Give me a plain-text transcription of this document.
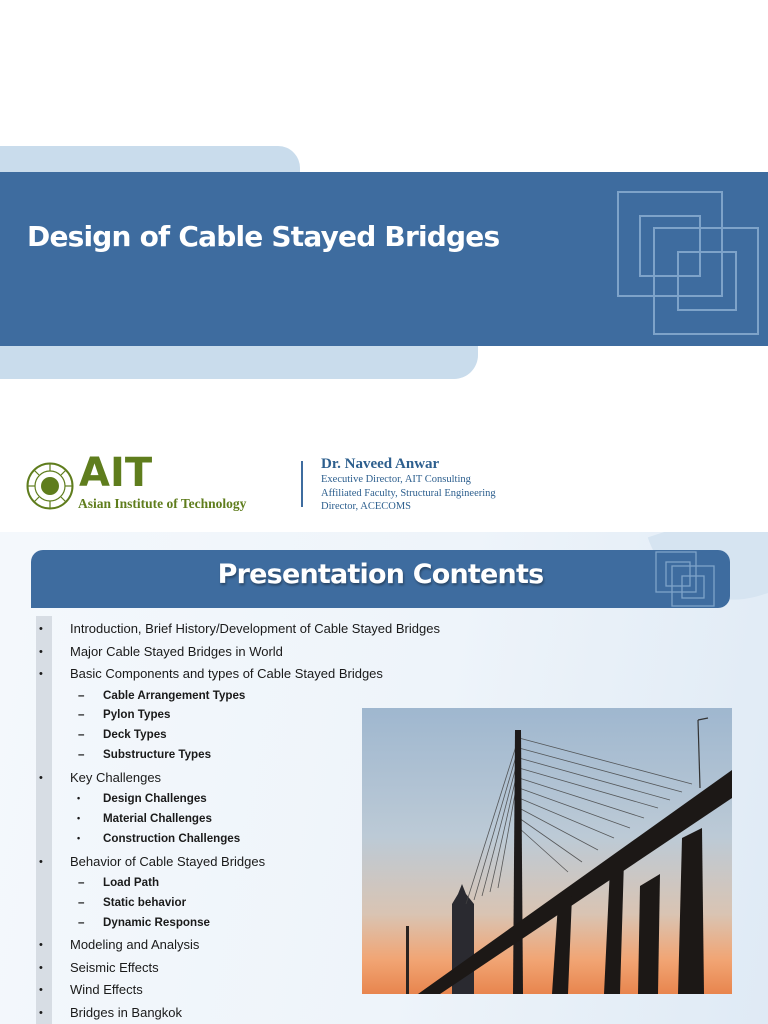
Design of Cable Stayed Bridges
AIT
Asian Institute of Technology
Dr. Naveed Anwar
Executive Director, AIT Consulting
Affiliated Faculty, Structural Engineering
Director, ACECOMS
Presentation Contents
• Introduction, Brief History/Development of Cable Stayed Bridges
• Major Cable Stayed Bridges in World
• Basic Components and types of Cable Stayed Bridges
– Cable Arrangement Types
– Pylon Types
– Deck Types
– Substructure Types
• Key Challenges
• Design Challenges
• Material Challenges
• Construction Challenges
• Behavior of Cable Stayed Bridges
– Load Path
– Static behavior
– Dynamic Response
• Modeling and Analysis
• Seismic Effects
• Wind Effects
• Bridges in Bangkok
